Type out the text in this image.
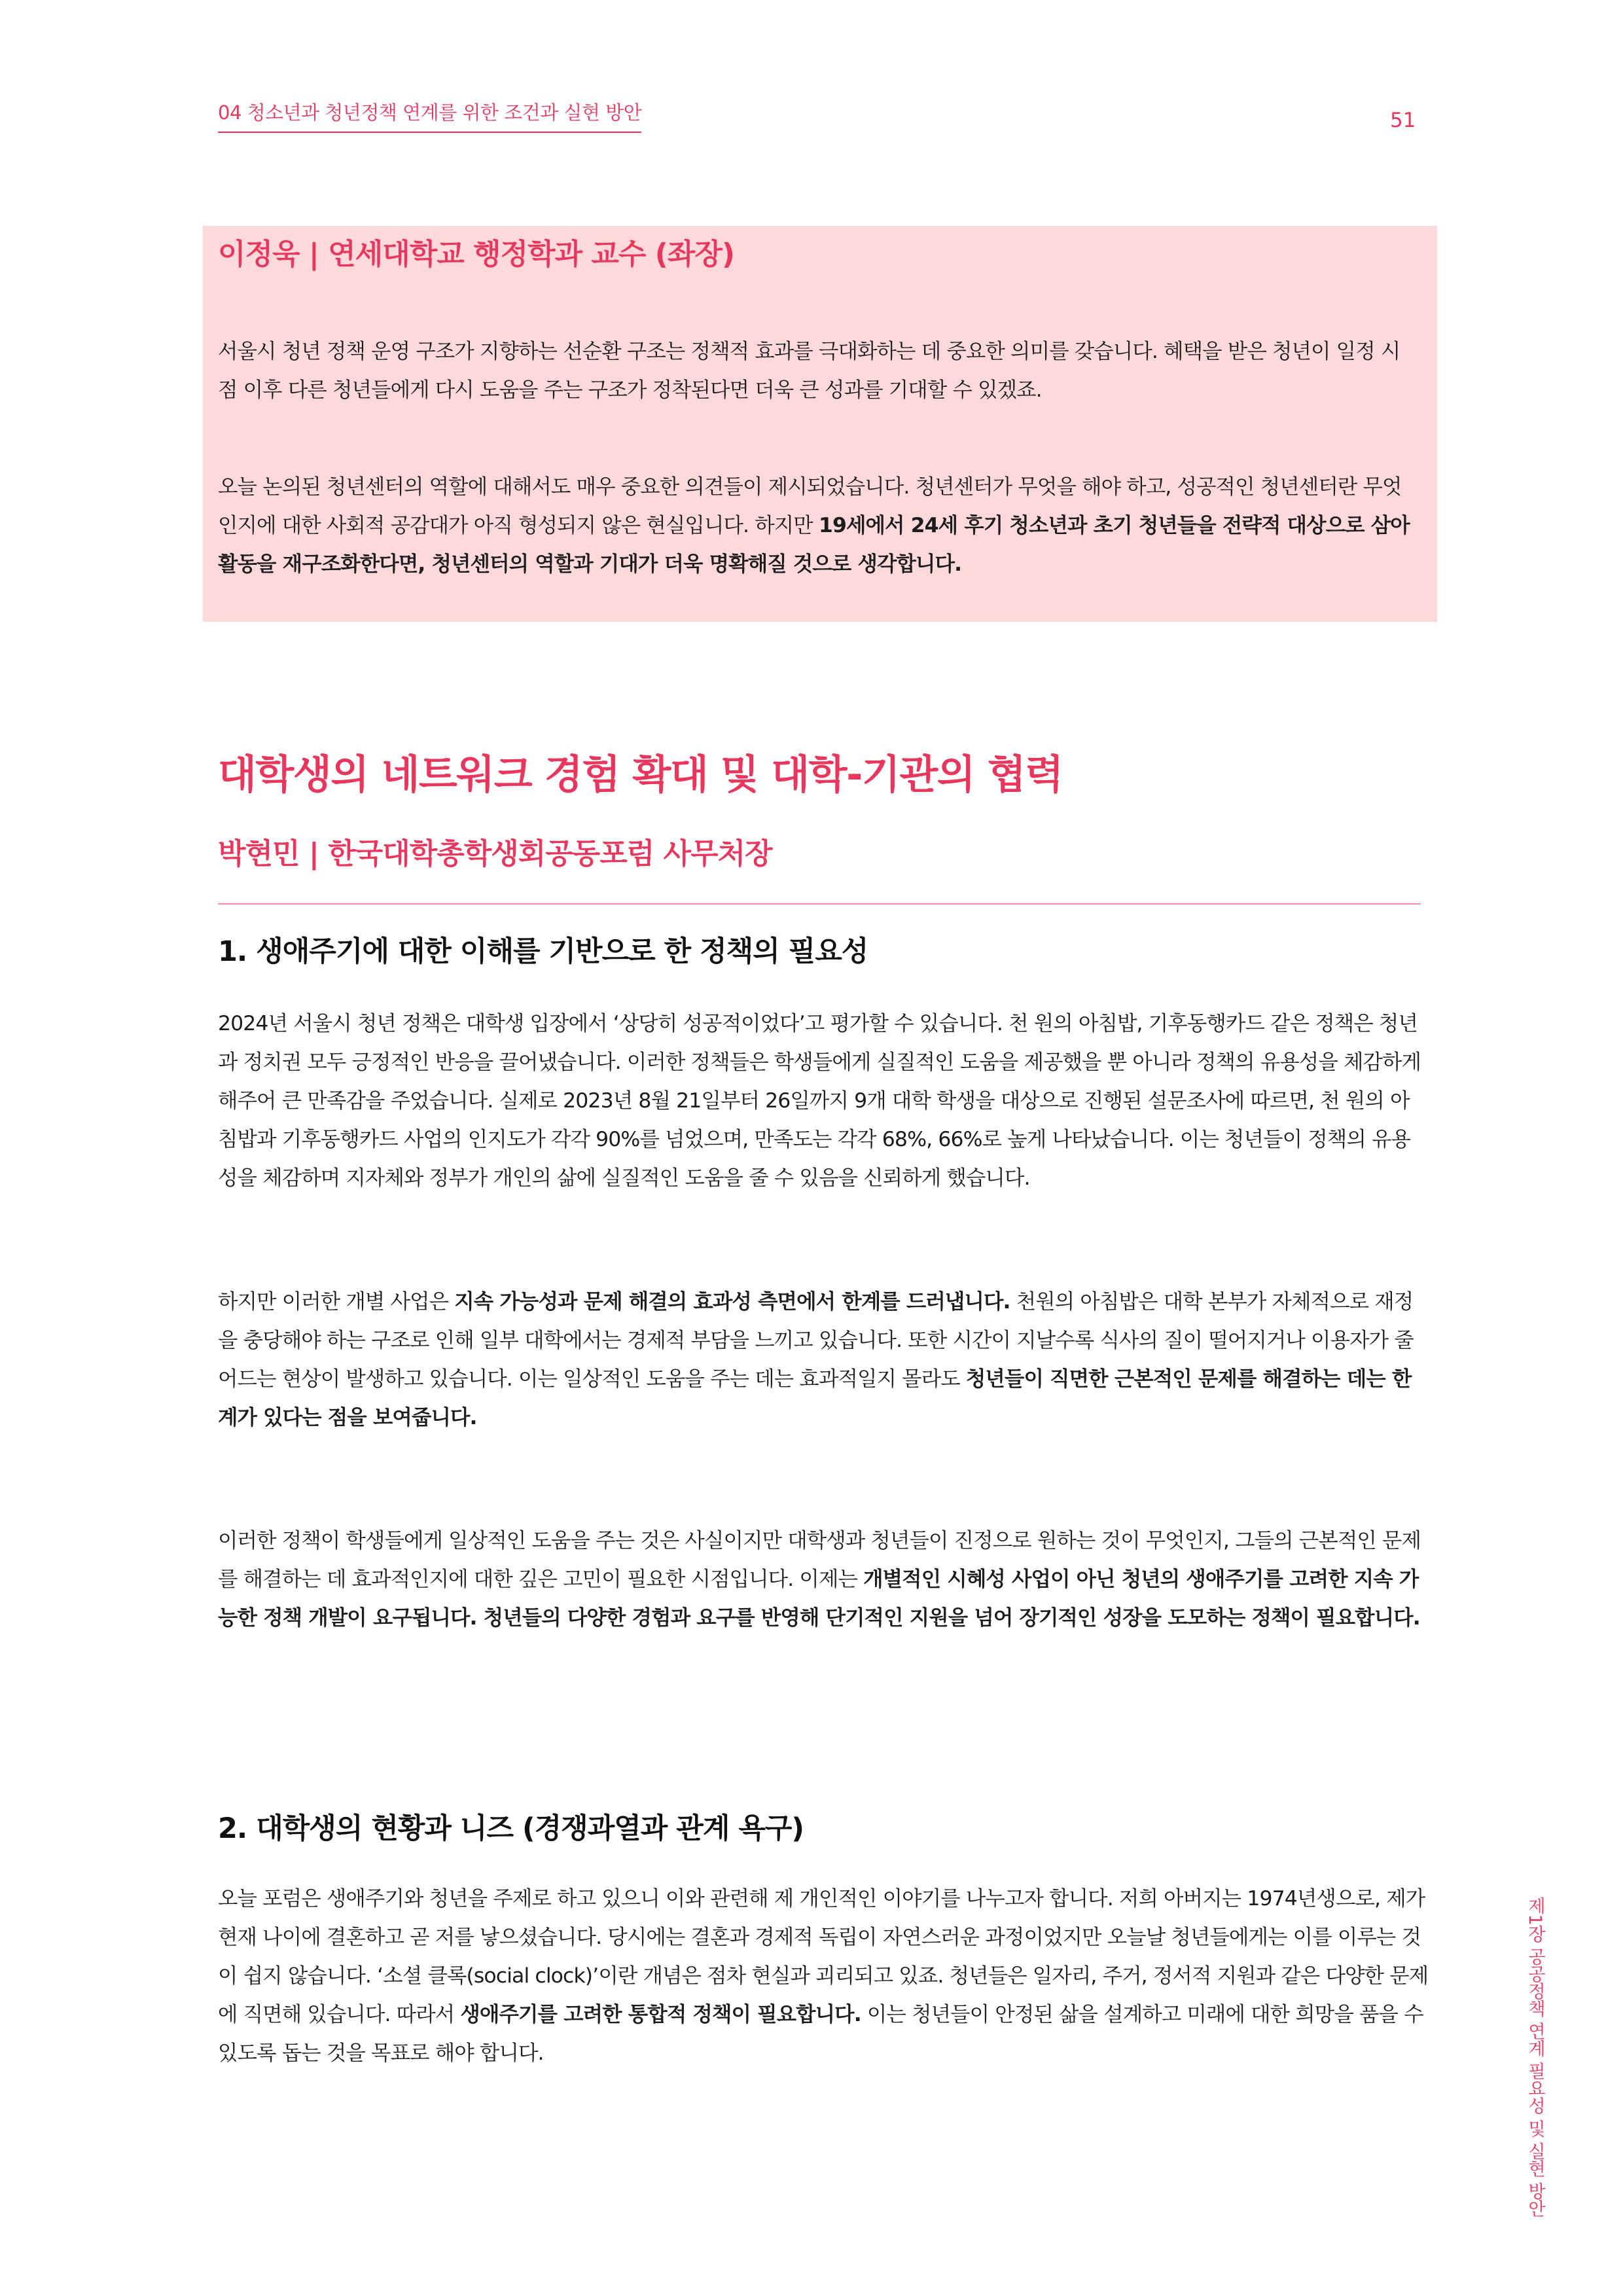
04 청소년과 청년정책 연계를 위한 조건과 실현 방안	51
이정욱 | 연세대학교 행정학과 교수 (좌장)

서울시 청년 정책 운영 구조가 지향하는 선순환 구조는 정책적 효과를 극대화하는 데 중요한 의미를 갖습니다. 혜택을 받은 청년이 일정 시점 이후 다른 청년들에게 다시 도움을 주는 구조가 정착된다면 더욱 큰 성과를 기대할 수 있겠죠.

오늘 논의된 청년센터의 역할에 대해서도 매우 중요한 의견들이 제시되었습니다. 청년센터가 무엇을 해야 하고, 성공적인 청년센터란 무엇인지에 대한 사회적 공감대가 아직 형성되지 않은 현실입니다. 하지만 19세에서 24세 후기 청소년과 초기 청년들을 전략적 대상으로 삼아 활동을 재구조화한다면, 청년센터의 역할과 기대가 더욱 명확해질 것으로 생각합니다.

대학생의 네트워크 경험 확대 및 대학-기관의 협력
박현민 | 한국대학총학생회공동포럼 사무처장
1. 생애주기에 대한 이해를 기반으로 한 정책의 필요성

2024년 서울시 청년 정책은 대학생 입장에서 ‘상당히 성공적이었다’고 평가할 수 있습니다. 천 원의 아침밥, 기후동행카드 같은 정책은 청년과 정치권 모두 긍정적인 반응을 끌어냈습니다. 이러한 정책들은 학생들에게 실질적인 도움을 제공했을 뿐 아니라 정책의 유용성을 체감하게 해주어 큰 만족감을 주었습니다. 실제로 2023년 8월 21일부터 26일까지 9개 대학 학생을 대상으로 진행된 설문조사에 따르면, 천 원의 아침밥과 기후동행카드 사업의 인지도가 각각 90%를 넘었으며, 만족도는 각각 68%, 66%로 높게 나타났습니다. 이는 청년들이 정책의 유용성을 체감하며 지자체와 정부가 개인의 삶에 실질적인 도움을 줄 수 있음을 신뢰하게 했습니다.

하지만 이러한 개별 사업은 지속 가능성과 문제 해결의 효과성 측면에서 한계를 드러냅니다. 천원의 아침밥은 대학 본부가 자체적으로 재정을 충당해야 하는 구조로 인해 일부 대학에서는 경제적 부담을 느끼고 있습니다. 또한 시간이 지날수록 식사의 질이 떨어지거나 이용자가 줄어드는 현상이 발생하고 있습니다. 이는 일상적인 도움을 주는 데는 효과적일지 몰라도 청년들이 직면한 근본적인 문제를 해결하는 데는 한계가 있다는 점을 보여줍니다.

이러한 정책이 학생들에게 일상적인 도움을 주는 것은 사실이지만 대학생과 청년들이 진정으로 원하는 것이 무엇인지, 그들의 근본적인 문제를 해결하는 데 효과적인지에 대한 깊은 고민이 필요한 시점입니다. 이제는 개별적인 시혜성 사업이 아닌 청년의 생애주기를 고려한 지속 가능한 정책 개발이 요구됩니다. 청년들의 다양한 경험과 요구를 반영해 단기적인 지원을 넘어 장기적인 성장을 도모하는 정책이 필요합니다.

2. 대학생의 현황과 니즈 (경쟁과열과 관계 욕구)

오늘 포럼은 생애주기와 청년을 주제로 하고 있으니 이와 관련해 제 개인적인 이야기를 나누고자 합니다. 저희 아버지는 1974년생으로, 제가 현재 나이에 결혼하고 곧 저를 낳으셨습니다. 당시에는 결혼과 경제적 독립이 자연스러운 과정이었지만 오늘날 청년들에게는 이를 이루는 것이 쉽지 않습니다. ‘소셜 클록(social clock)’이란 개념은 점차 현실과 괴리되고 있죠. 청년들은 일자리, 주거, 정서적 지원과 같은 다양한 문제에 직면해 있습니다. 따라서 생애주기를 고려한 통합적 정책이 필요합니다. 이는 청년들이 안정된 삶을 설계하고 미래에 대한 희망을 품을 수 있도록 돕는 것을 목표로 해야 합니다.	제1장 공공정책 연계 필요성 및 실현 방안
